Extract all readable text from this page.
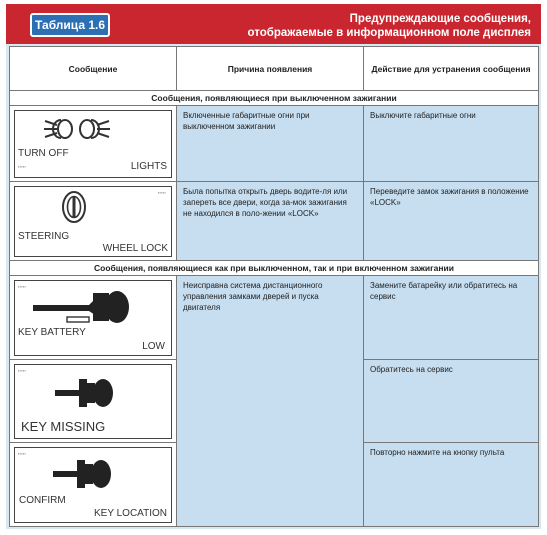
Таблица 1.6	Предупреждающие сообщения,
отображаемые в информационном поле дисплея
Сообщение	Причина появления	Действие для устранения сообщения
Сообщения, появляющиеся при выключенном зажигании		

TURN OFF
▪▪▪▪▪ LIGHTS	Включенные габаритные огни при выключенном зажигании	Выключите габаритные огни

▪▪▪▪▪
STEERING
WHEEL LOCK	Была попытка открыть дверь водите-ля или запереть все двери, когда за-мок зажигания не находился в поло-жении «LOCK»	Переведите замок зажигания в положение «LOCK»
Сообщения, появляющиеся как при выключенном, так и при включенном зажигании		

▪▪▪▪▪
KEY BATTERY
LOW	Неисправна система дистанционного управления замками дверей и пуска двигателя	Замените батарейку или обратитесь на сервис

▪▪▪▪▪
KEY MISSING		Обратитесь на сервис

▪▪▪▪▪
CONFIRM
KEY LOCATION		Повторно нажмите на кнопку пульта
